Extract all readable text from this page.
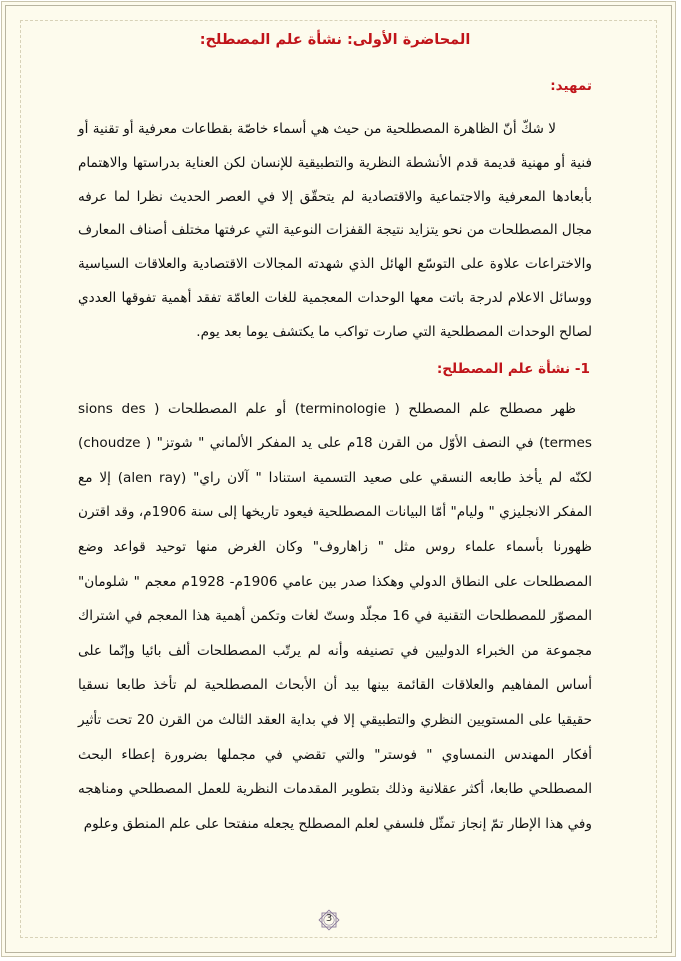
المحاضرة الأولى: نشأة علم المصطلح:
تمهيد:

لا شكّ أنّ الظاهرة المصطلحية من حيث هي أسماء خاصّة بقطاعات معرفية أو تقنية أو فنية أو مهنية قديمة قدم الأنشطة النظرية والتطبيقية للإنسان لكن العناية بدراستها والاهتمام بأبعادها المعرفية والاجتماعية والاقتصادية لم يتحقّق إلا في العصر الحديث نظرا لما عرفه مجال المصطلحات من نحو يتزايد نتيجة القفزات النوعية التي عرفتها مختلف أصناف المعارف والاختراعات علاوة على التوسّع الهائل الذي شهدته المجالات الاقتصادية والعلاقات السياسية ووسائل الاعلام لدرجة باتت معها الوحدات المعجمية للغات العامّة تفقد أهمية تفوقها العددي لصالح الوحدات المصطلحية التي صارت تواكب ما يكتشف يوما بعد يوم.

1- نشأة علم المصطلح:

ظهر مصطلح علم المصطلح ( terminologie) أو علم المصطلحات ( sions des termes) في النصف الأوّل من القرن 18م على يد المفكر الألماني " شوتز" ( choudze) لكنّه لم يأخذ طابعه النسقي على صعيد التسمية استنادا " آلان راي" (alen ray) إلا مع المفكر الانجليزي " وليام" أمّا البيانات المصطلحية فيعود تاريخها إلى سنة 1906م، وقد اقترن ظهورنا بأسماء علماء روس مثل " زاهاروف" وكان الغرض منها توحيد قواعد وضع المصطلحات على النطاق الدولي وهكذا صدر بين عامي 1906م- 1928م معجم " شلومان" المصوّر للمصطلحات التقنية في 16 مجلّد وستّ لغات وتكمن أهمية هذا المعجم في اشتراك مجموعة من الخبراء الدوليين في تصنيفه وأنه لم يرتّب المصطلحات ألف بائيا وإنّما على أساس المفاهيم والعلاقات القائمة بينها بيد أن الأبحاث المصطلحية لم تأخذ طابعا نسقيا حقيقيا على المستويين النظري والتطبيقي إلا في بداية العقد الثالث من القرن 20 تحت تأثير أفكار المهندس النمساوي " فوستر" والتي تقضي في مجملها بضرورة إعطاء البحث المصطلحي طابعا، أكثر عقلانية وذلك بتطوير المقدمات النظرية للعمل المصطلحي ومناهجه وفي هذا الإطار تمّ إنجاز تمثّل فلسفي لعلم المصطلح يجعله منفتحا على علم المنطق وعلوم

3
